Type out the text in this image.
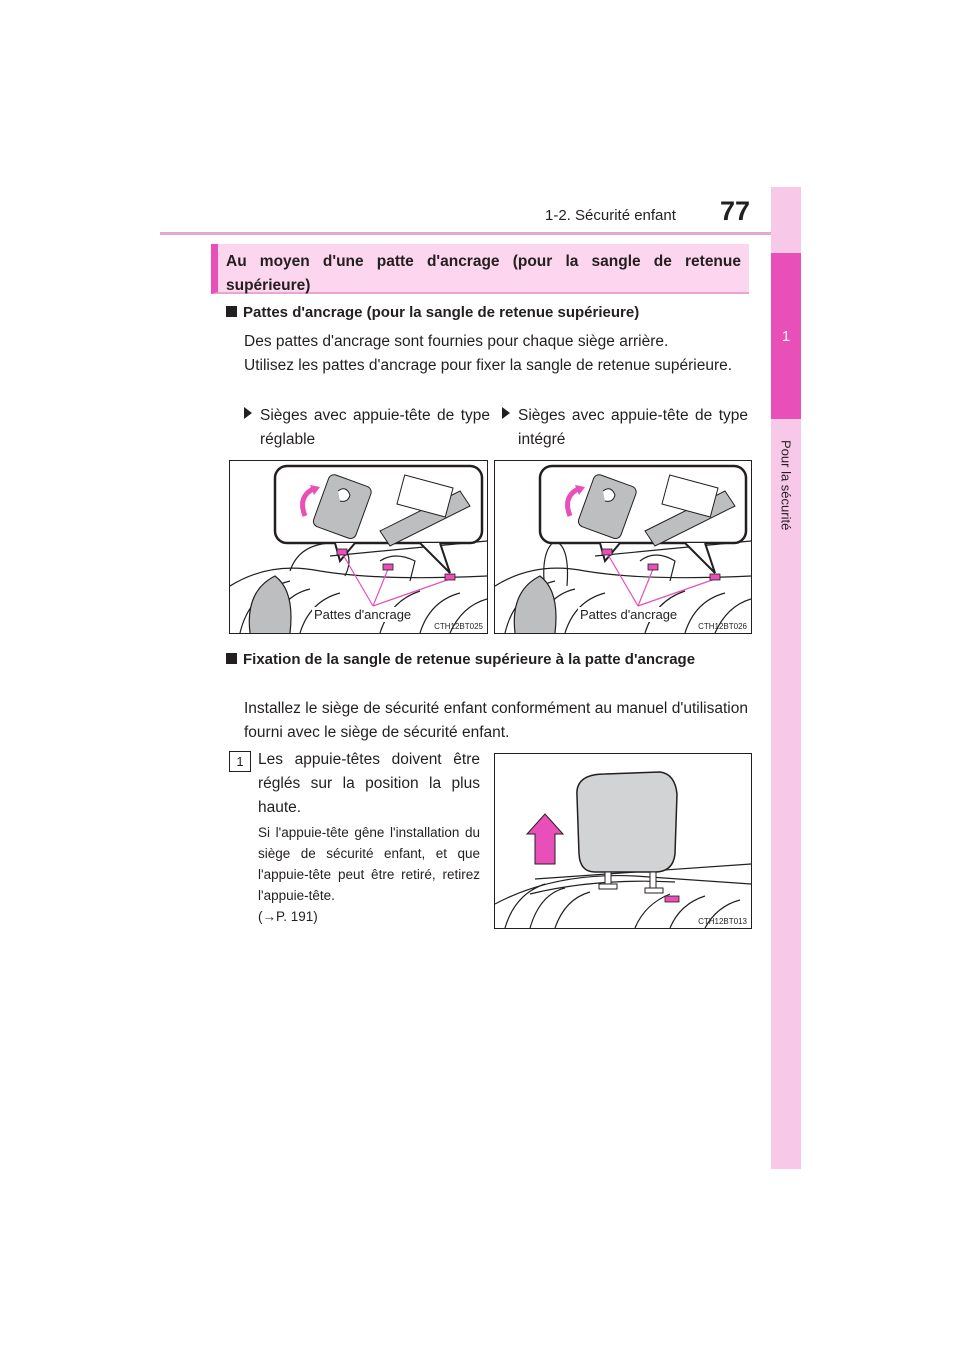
1-2. Sécurité enfant 77
1
Pour la sécurité
Au moyen d'une patte d'ancrage (pour la sangle de retenue supérieure)
Pattes d'ancrage (pour la sangle de retenue supérieure)
Des pattes d'ancrage sont fournies pour chaque siège arrière.
Utilisez les pattes d'ancrage pour fixer la sangle de retenue supérieure.
Sièges avec appuie-tête de type réglable
Sièges avec appuie-tête de type intégré
Pattes d'ancrage
CTH12BT025
Pattes d'ancrage
CTH12BT026
Fixation de la sangle de retenue supérieure à la patte d'ancrage
Installez le siège de sécurité enfant conformément au manuel d'utilisation fourni avec le siège de sécurité enfant.
1 Les appuie-têtes doivent être réglés sur la position la plus haute.
Si l'appuie-tête gêne l'installation du siège de sécurité enfant, et que l'appuie-tête peut être retiré, retirez l'appuie-tête.
(→P. 191)	CTH12BT013
